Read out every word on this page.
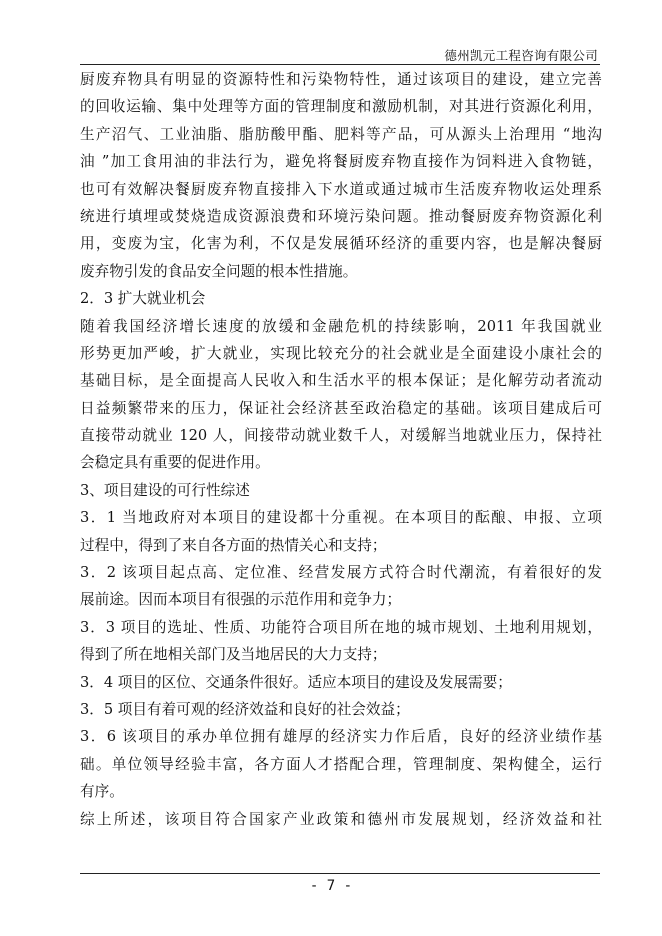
德州凯元工程咨询有限公司
厨废弃物具有明显的资源特性和污染物特性，通过该项目的建设，建立完善
的回收运输、集中处理等方面的管理制度和激励机制，对其进行资源化利用，
生产沼气、工业油脂、脂肪酸甲酯、肥料等产品，可从源头上治理用 “地沟
油 ”加工食用油的非法行为，避免将餐厨废弃物直接作为饲料进入食物链，
也可有效解决餐厨废弃物直接排入下水道或通过城市生活废弃物收运处理系
统进行填埋或焚烧造成资源浪费和环境污染问题。推动餐厨废弃物资源化利
用，变废为宝，化害为利，不仅是发展循环经济的重要内容，也是解决餐厨
废弃物引发的食品安全问题的根本性措施。
2．3 扩大就业机会
随着我国经济增长速度的放缓和金融危机的持续影响，2011 年我国就业
形势更加严峻，扩大就业，实现比较充分的社会就业是全面建设小康社会的
基础目标，是全面提高人民收入和生活水平的根本保证；是化解劳动者流动
日益频繁带来的压力，保证社会经济甚至政治稳定的基础。该项目建成后可
直接带动就业 120 人，间接带动就业数千人，对缓解当地就业压力，保持社
会稳定具有重要的促进作用。
3、项目建设的可行性综述
3．1 当地政府对本项目的建设都十分重视。在本项目的酝酿、申报、立项
过程中，得到了来自各方面的热情关心和支持；
3．2 该项目起点高、定位准、经营发展方式符合时代潮流，有着很好的发
展前途。因而本项目有很强的示范作用和竞争力；
3．3 项目的选址、性质、功能符合项目所在地的城市规划、土地利用规划，
得到了所在地相关部门及当地居民的大力支持；
3．4 项目的区位、交通条件很好。适应本项目的建设及发展需要；
3．5 项目有着可观的经济效益和良好的社会效益；
3．6 该项目的承办单位拥有雄厚的经济实力作后盾，良好的经济业绩作基
础。单位领导经验丰富，各方面人才搭配合理，管理制度、架构健全，运行
有序。
综上所述，该项目符合国家产业政策和德州市发展规划，经济效益和社
- 7 -
